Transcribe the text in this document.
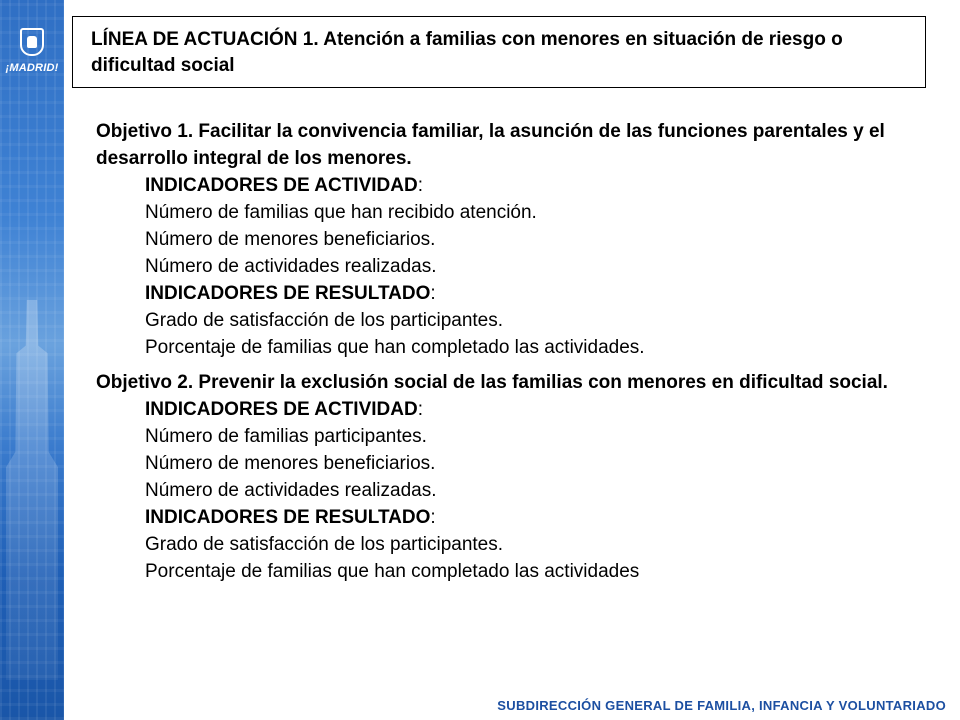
¡MADRID!

LÍNEA DE ACTUACIÓN 1. Atención a familias con menores en situación de riesgo o dificultad social

Objetivo 1. Facilitar la convivencia familiar, la asunción de las funciones parentales y el desarrollo integral de los menores.

INDICADORES DE ACTIVIDAD:
Número de familias que han recibido atención.
Número de menores beneficiarios.
Número de actividades realizadas.
INDICADORES DE RESULTADO:
Grado de satisfacción de los participantes.
Porcentaje de familias que han completado las actividades.

Objetivo 2. Prevenir la exclusión social de las familias con menores en dificultad social.

INDICADORES DE ACTIVIDAD:
Número de familias participantes.
Número de menores beneficiarios.
Número de actividades realizadas.
INDICADORES DE RESULTADO:
Grado de satisfacción de los participantes.
Porcentaje de familias que han completado las actividades
SUBDIRECCIÓN GENERAL DE FAMILIA, INFANCIA Y VOLUNTARIADO
